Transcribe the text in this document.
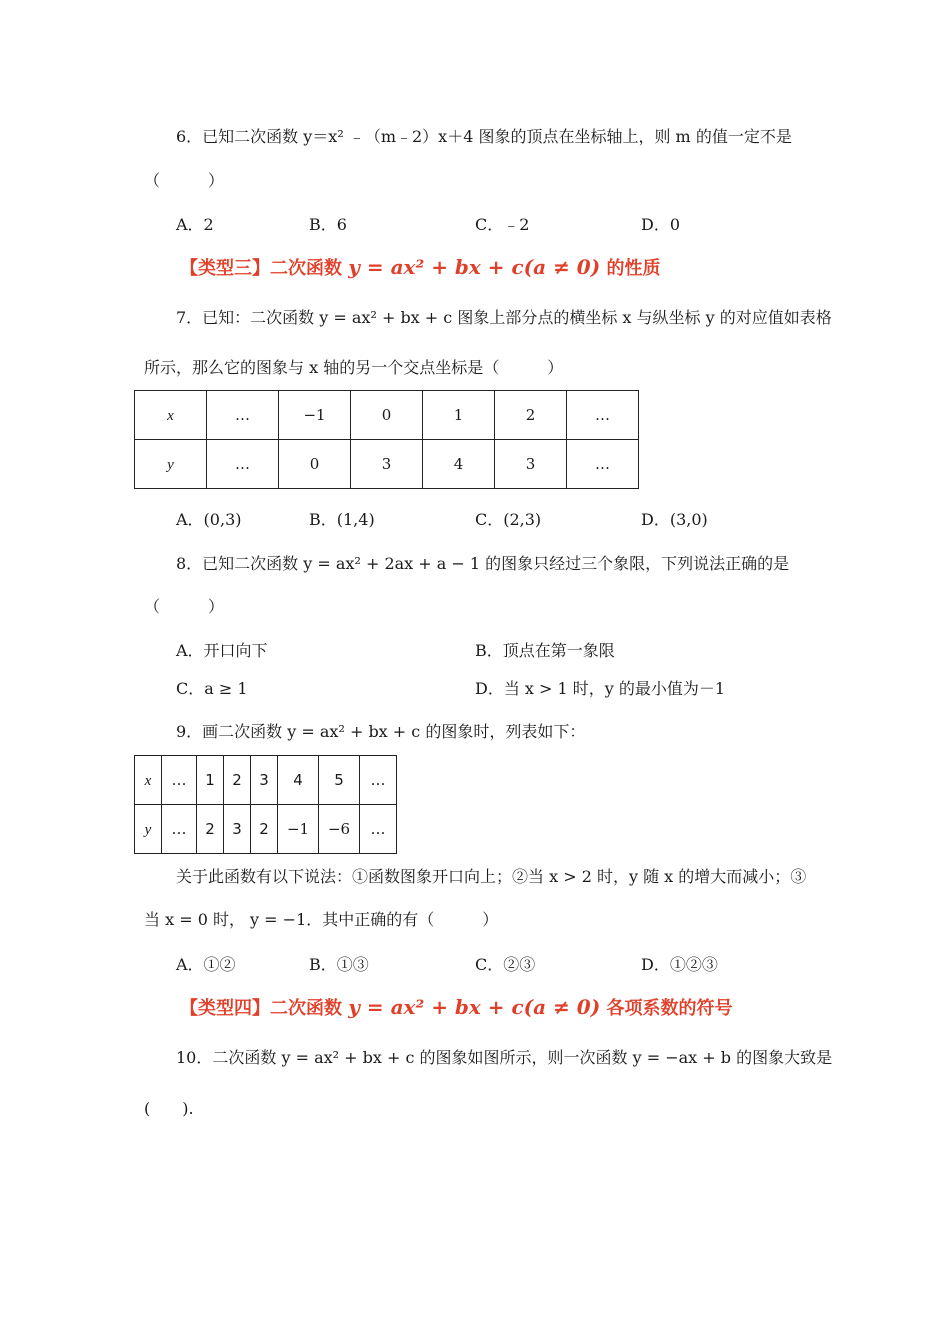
6．已知二次函数 y＝x² ﹣（m﹣2）x＋4 图象的顶点在坐标轴上，则 m 的值一定不是
（　　　）
A．2	B．6	C．﹣2	D．0
【类型三】二次函数 y = ax² + bx + c(a ≠ 0) 的性质
7．已知：二次函数 y = ax² + bx + c 图象上部分点的横坐标 x 与纵坐标 y 的对应值如表格
所示，那么它的图象与 x 轴的另一个交点坐标是（　　　）
x	…	−1	0	1	2	…
y	…	0	3	4	3	…
A．(0,3)	B．(1,4)	C．(2,3)	D．(3,0)
8．已知二次函数 y = ax² + 2ax + a − 1 的图象只经过三个象限，下列说法正确的是
（　　　）
A．开口向下	B．顶点在第一象限
C．a ≥ 1	D．当 x > 1 时，y 的最小值为－1
9．画二次函数 y = ax² + bx + c 的图象时，列表如下：
x	…	1	2	3	4	5	…
y	…	2	3	2	−1	−6	…
关于此函数有以下说法：①函数图象开口向上；②当 x > 2 时，y 随 x 的增大而减小；③
当 x = 0 时， y = −1．其中正确的有（　　　）
A．①②	B．①③	C．②③	D．①②③
【类型四】二次函数 y = ax² + bx + c(a ≠ 0) 各项系数的符号
10．二次函数 y = ax² + bx + c 的图象如图所示，则一次函数 y = −ax + b 的图象大致是
(　　).
